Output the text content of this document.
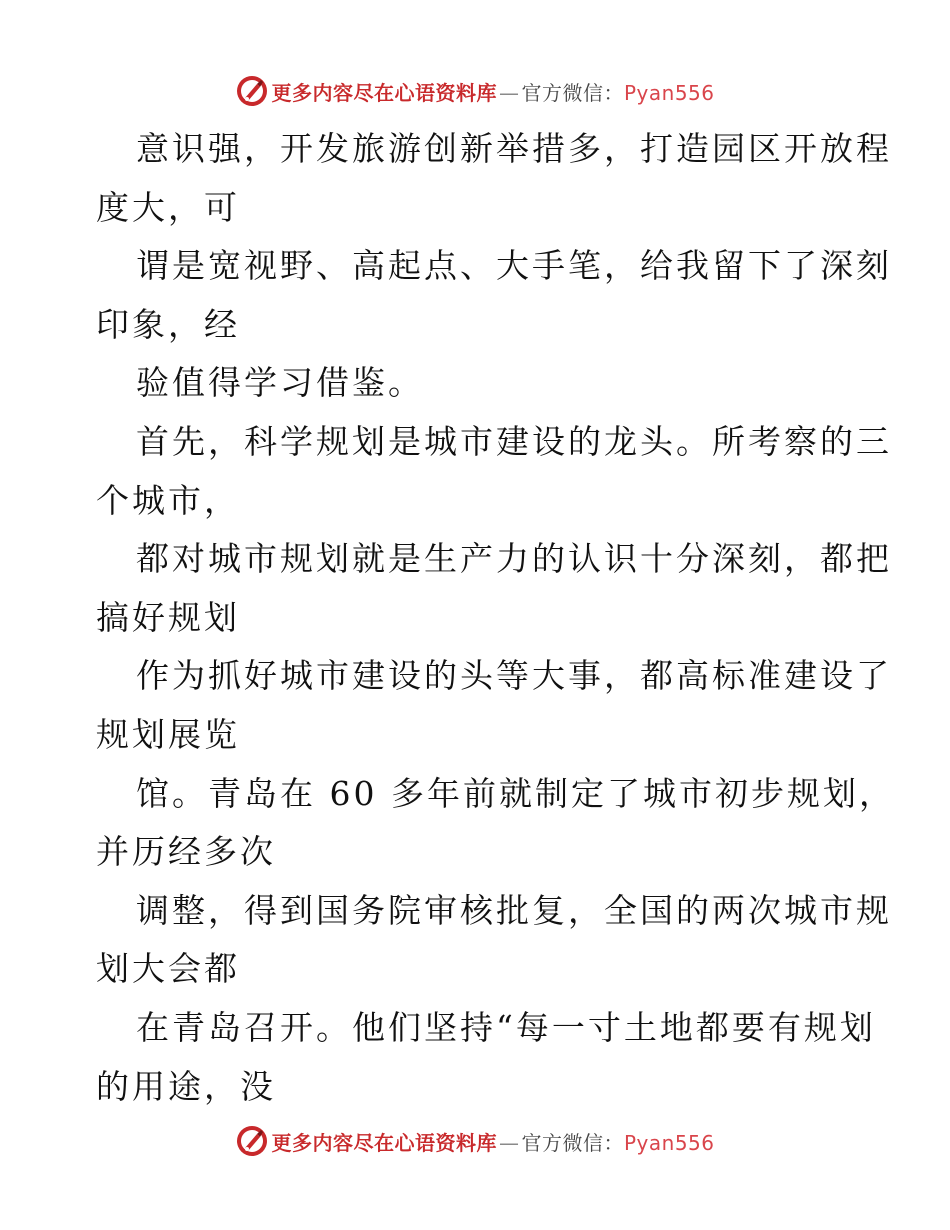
更多内容尽在心语资料库 — 官方微信：Pyan556
意识强，开发旅游创新举措多，打造园区开放程
度大，可
谓是宽视野、高起点、大手笔，给我留下了深刻
印象，经
验值得学习借鉴。
首先，科学规划是城市建设的龙头。所考察的三
个城市，
都对城市规划就是生产力的认识十分深刻，都把
搞好规划
作为抓好城市建设的头等大事，都高标准建设了
规划展览
馆。青岛在 60 多年前就制定了城市初步规划，
并历经多次
调整，得到国务院审核批复，全国的两次城市规
划大会都
在青岛召开。他们坚持“每一寸土地都要有规划
的用途，没
更多内容尽在心语资料库 — 官方微信：Pyan556
